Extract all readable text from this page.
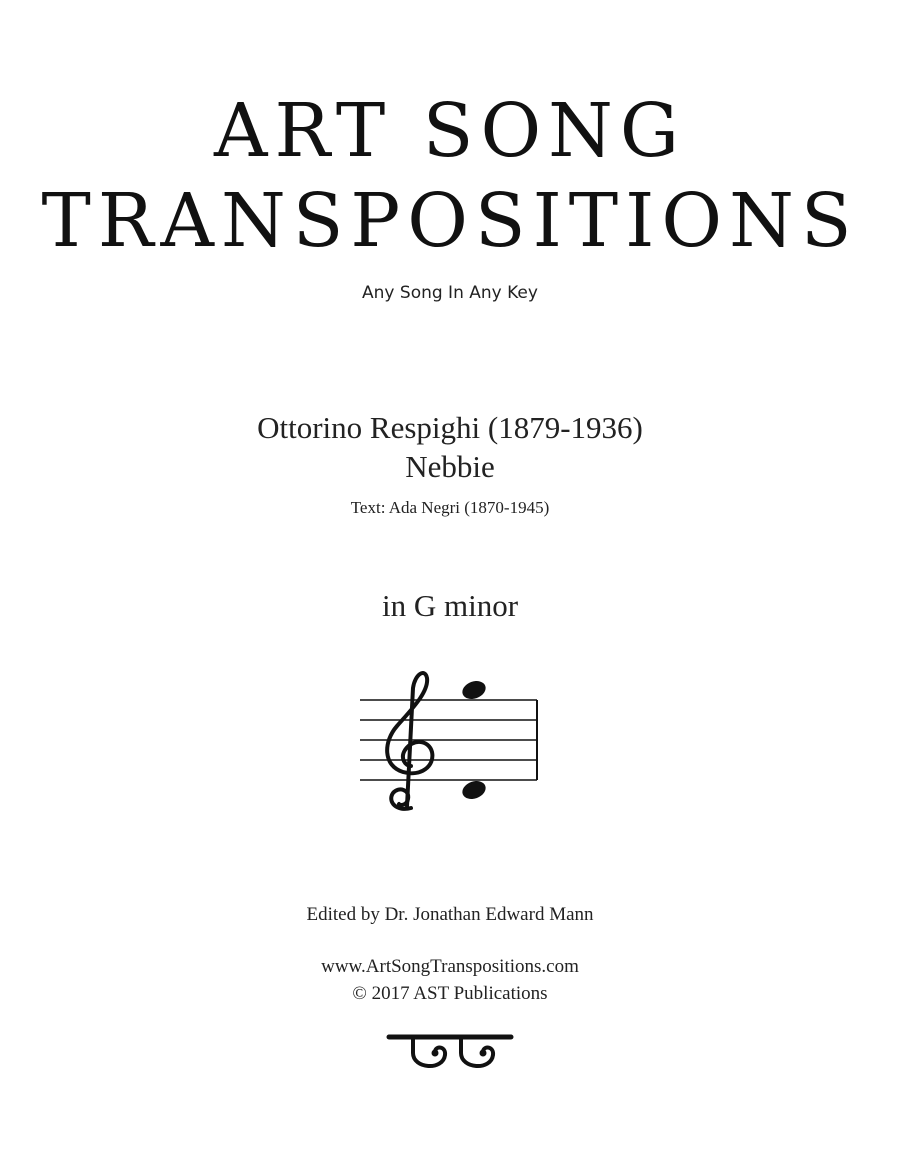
ART SONG
TRANSPOSITIONS
Any Song In Any Key
Ottorino Respighi (1879-1936)
Nebbie
Text: Ada Negri (1870-1945)
in G minor
Edited by Dr. Jonathan Edward Mann
www.ArtSongTranspositions.com
© 2017 AST Publications
